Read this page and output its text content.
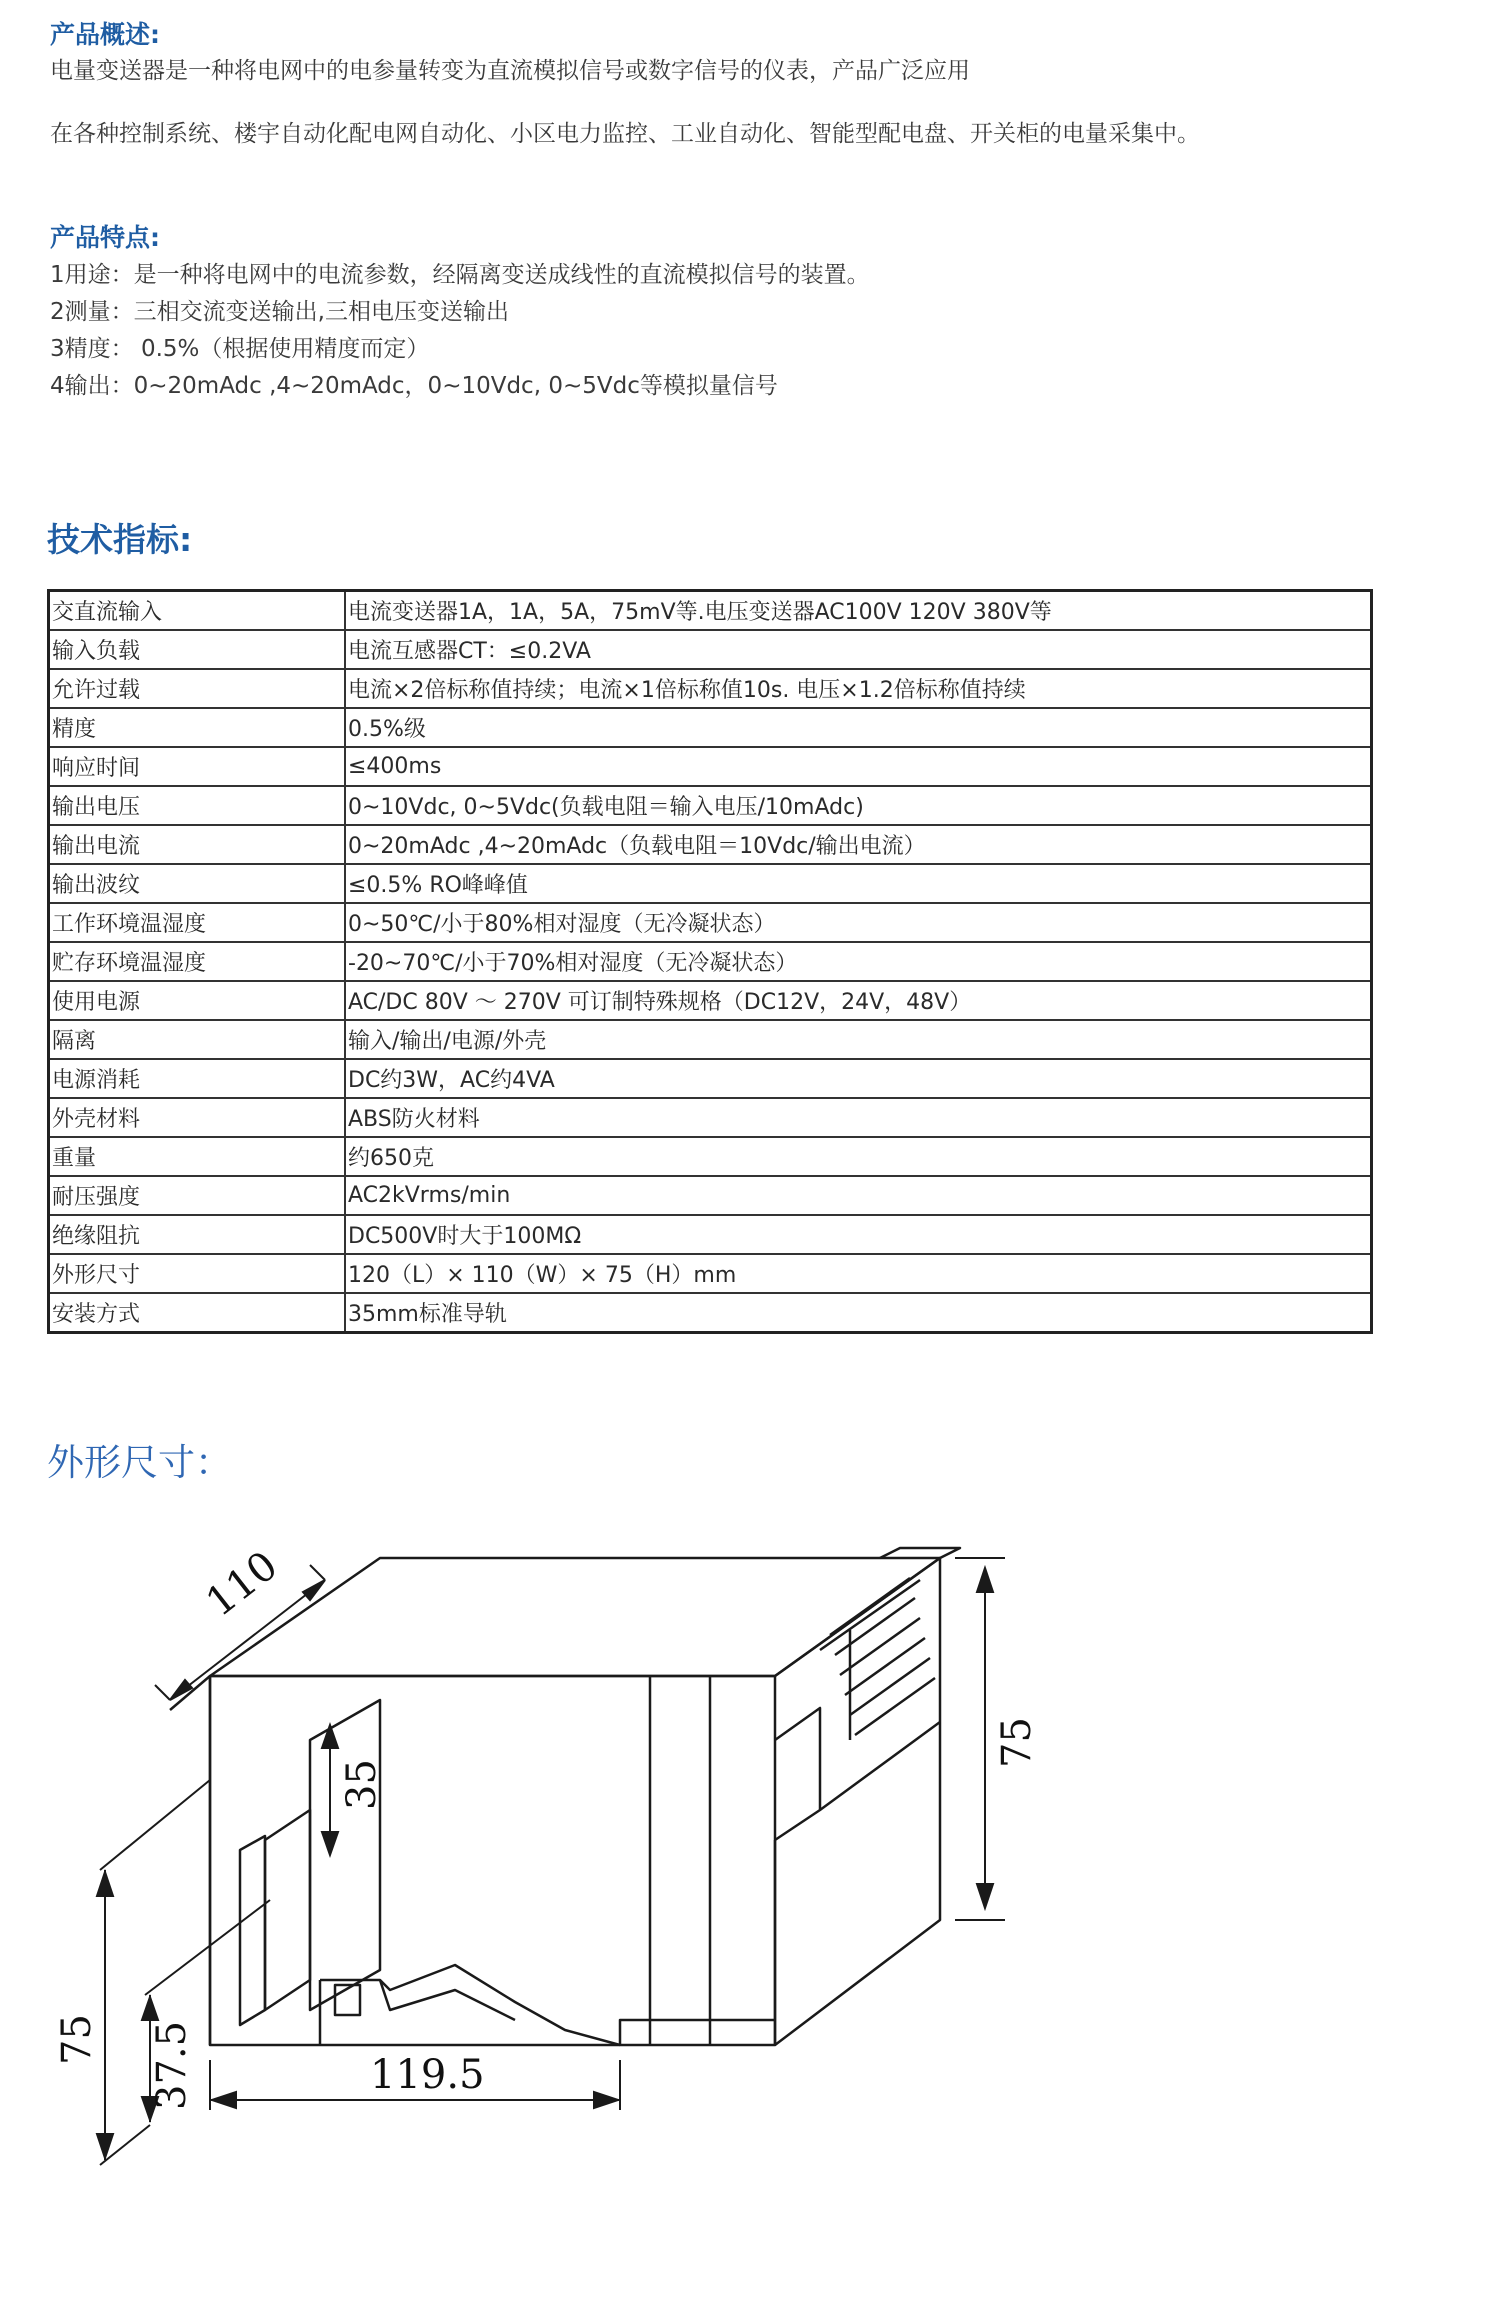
产品概述:

电量变送器是一种将电网中的电参量转变为直流模拟信号或数字信号的仪表，产品广泛应用

在各种控制系统、楼宇自动化配电网自动化、小区电力监控、工业自动化、智能型配电盘、开关柜的电量采集中。

产品特点:
1用途：是一种将电网中的电流参数，经隔离变送成线性的直流模拟信号的装置。
2测量：三相交流变送输出,三相电压变送输出
3精度： 0.5%（根据使用精度而定）
4输出：0~20mAdc ,4~20mAdc，0~10Vdc, 0~5Vdc等模拟量信号
技术指标:
交直流输入	电流变送器1A，1A，5A，75mV等.电压变送器AC100V 120V 380V等
输入负载	电流互感器CT：≤0.2VA
允许过载	电流×2倍标称值持续；电流×1倍标称值10s. 电压×1.2倍标称值持续
精度	0.5%级
响应时间	≤400ms
输出电压	0~10Vdc, 0~5Vdc(负载电阻＝输入电压/10mAdc)
输出电流	0~20mAdc ,4~20mAdc（负载电阻＝10Vdc/输出电流）
输出波纹	≤0.5% RO峰峰值
工作环境温湿度	0~50℃/小于80%相对湿度（无冷凝状态）
贮存环境温湿度	-20~70℃/小于70%相对湿度（无冷凝状态）
使用电源	AC/DC 80V ～ 270V 可订制特殊规格（DC12V，24V，48V）
隔离	输入/输出/电源/外壳
电源消耗	DC约3W，AC约4VA
外壳材料	ABS防火材料
重量	约650克
耐压强度	AC2kVrms/min
绝缘阻抗	DC500V时大于100MΩ
外形尺寸	120（L）× 110（W）× 75（H）mm
安装方式	35mm标准导轨
外形尺寸：
110
75
35
75 37.5	119.5
